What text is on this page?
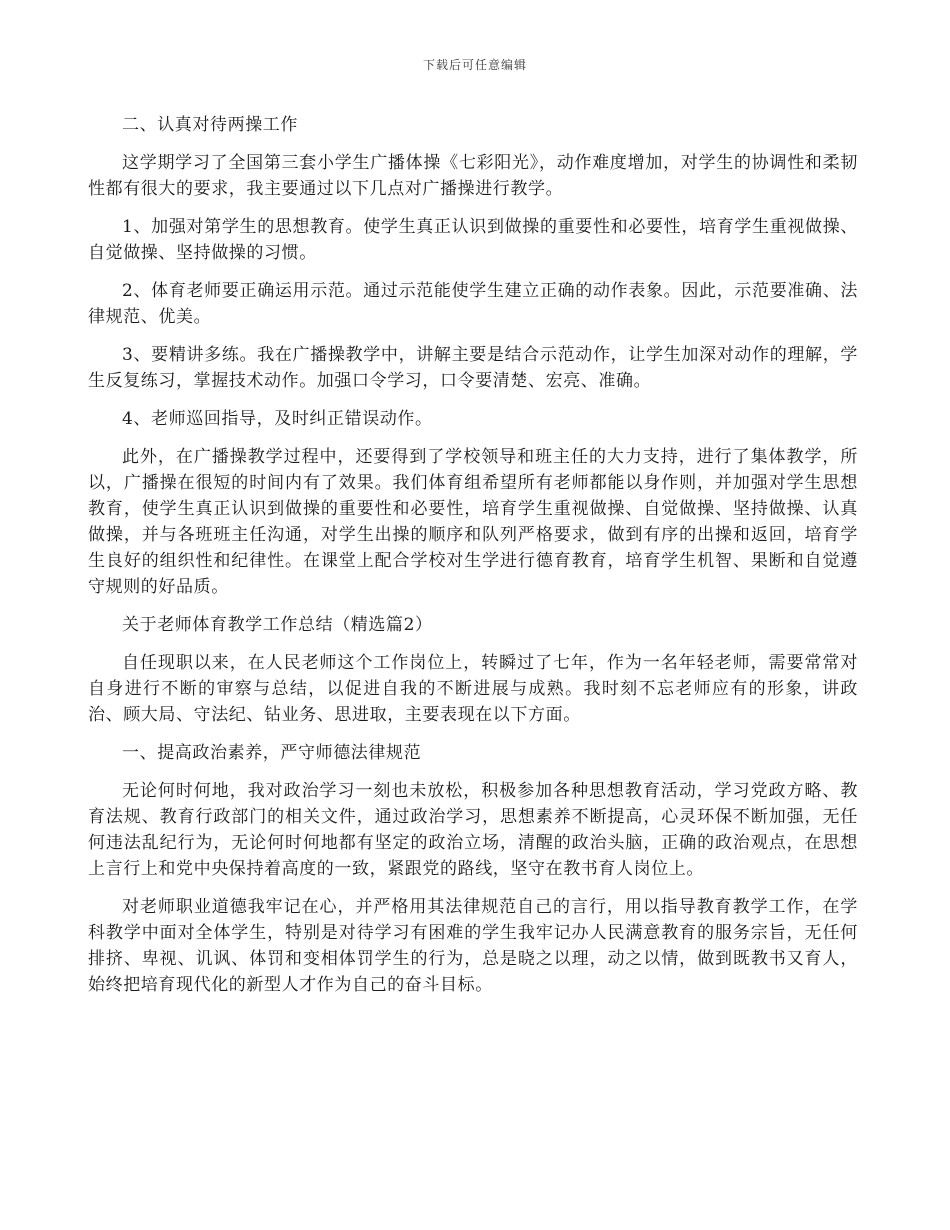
下载后可任意编辑

二、认真对待两操工作

这学期学习了全国第三套小学生广播体操《七彩阳光》，动作难度增加，对学生的协调性和柔韧性都有很大的要求，我主要通过以下几点对广播操进行教学。

1、加强对第学生的思想教育。使学生真正认识到做操的重要性和必要性，培育学生重视做操、自觉做操、坚持做操的习惯。

2、体育老师要正确运用示范。通过示范能使学生建立正确的动作表象。因此，示范要准确、法律规范、优美。

3、要精讲多练。我在广播操教学中，讲解主要是结合示范动作，让学生加深对动作的理解，学生反复练习，掌握技术动作。加强口令学习，口令要清楚、宏亮、准确。

4、老师巡回指导，及时纠正错误动作。

此外，在广播操教学过程中，还要得到了学校领导和班主任的大力支持，进行了集体教学，所以，广播操在很短的时间内有了效果。我们体育组希望所有老师都能以身作则，并加强对学生思想教育，使学生真正认识到做操的重要性和必要性，培育学生重视做操、自觉做操、坚持做操、认真做操，并与各班班主任沟通，对学生出操的顺序和队列严格要求，做到有序的出操和返回，培育学生良好的组织性和纪律性。在课堂上配合学校对生学进行德育教育，培育学生机智、果断和自觉遵守规则的好品质。

关于老师体育教学工作总结（精选篇2）

自任现职以来，在人民老师这个工作岗位上，转瞬过了七年，作为一名年轻老师，需要常常对自身进行不断的审察与总结，以促进自我的不断进展与成熟。我时刻不忘老师应有的形象，讲政治、顾大局、守法纪、钻业务、思进取，主要表现在以下方面。

一、提高政治素养，严守师德法律规范

无论何时何地，我对政治学习一刻也未放松，积极参加各种思想教育活动，学习党政方略、教育法规、教育行政部门的相关文件，通过政治学习，思想素养不断提高，心灵环保不断加强，无任何违法乱纪行为，无论何时何地都有坚定的政治立场，清醒的政治头脑，正确的政治观点，在思想上言行上和党中央保持着高度的一致，紧跟党的路线，坚守在教书育人岗位上。

对老师职业道德我牢记在心，并严格用其法律规范自己的言行，用以指导教育教学工作，在学科教学中面对全体学生，特别是对待学习有困难的学生我牢记办人民满意教育的服务宗旨，无任何排挤、卑视、讥讽、体罚和变相体罚学生的行为，总是晓之以理，动之以情，做到既教书又育人，始终把培育现代化的新型人才作为自己的奋斗目标。
